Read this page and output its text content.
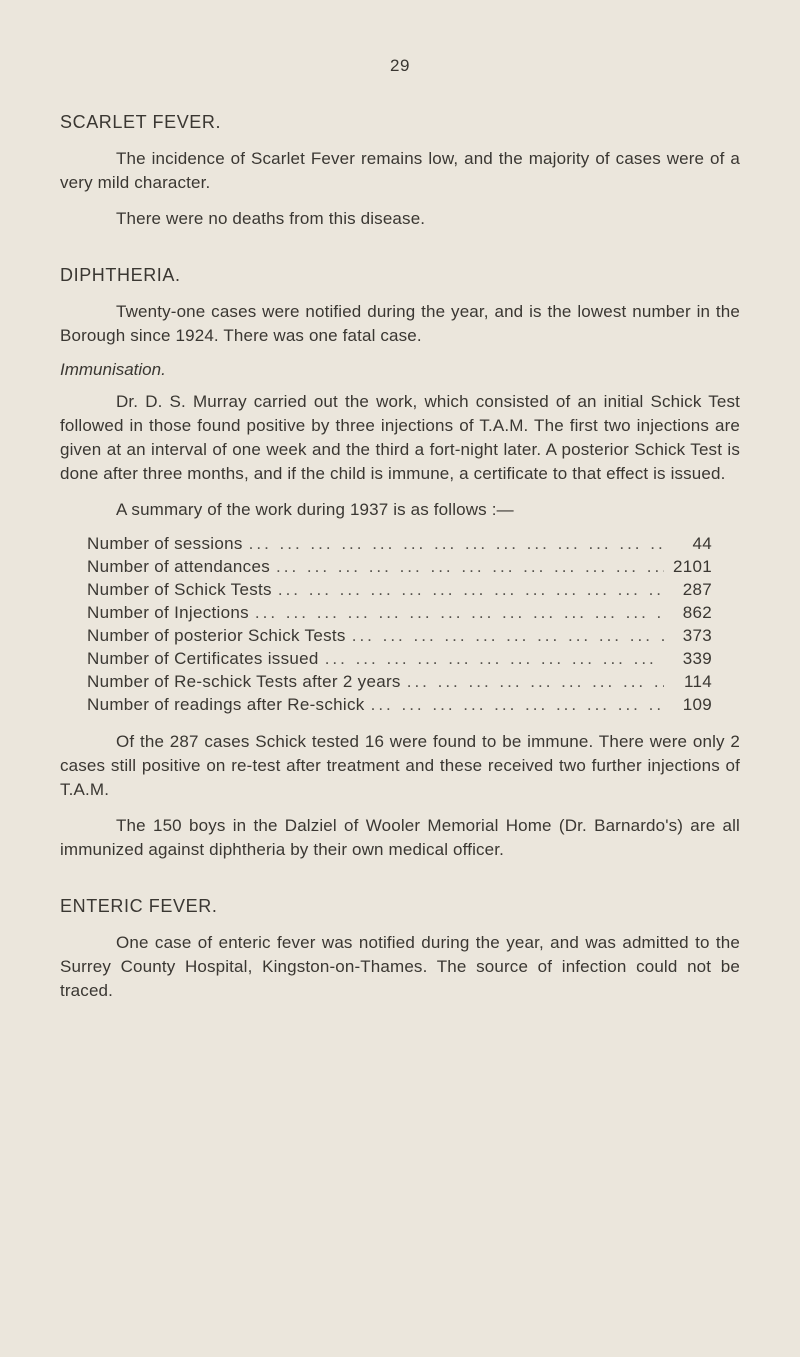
29
SCARLET FEVER.

The incidence of Scarlet Fever remains low, and the majority of cases were of a very mild character.

There were no deaths from this disease.

DIPHTHERIA.

Twenty-one cases were notified during the year, and is the lowest number in the Borough since 1924. There was one fatal case.

Immunisation.

Dr. D. S. Murray carried out the work, which consisted of an initial Schick Test followed in those found positive by three injections of T.A.M. The first two injections are given at an interval of one week and the third a fort-night later. A posterior Schick Test is done after three months, and if the child is immune, a certificate to that effect is issued.

A summary of the work during 1937 is as follows :—

Number of sessions ... .	44
Number of attendances ... .	2101
Number of Schick Tests ... .	287
Number of Injections ... .	862
Number of posterior Schick Tests ... .	373
Number of Certificates issued ... .	339
Number of Re-schick Tests after 2 years ... .	114
Number of readings after Re-schick ... .	109

Of the 287 cases Schick tested 16 were found to be immune. There were only 2 cases still positive on re-test after treatment and these received two further injections of T.A.M.

The 150 boys in the Dalziel of Wooler Memorial Home (Dr. Barnardo's) are all immunized against diphtheria by their own medical officer.

ENTERIC FEVER.

One case of enteric fever was notified during the year, and was admitted to the Surrey County Hospital, Kingston-on-Thames. The source of infection could not be traced.
